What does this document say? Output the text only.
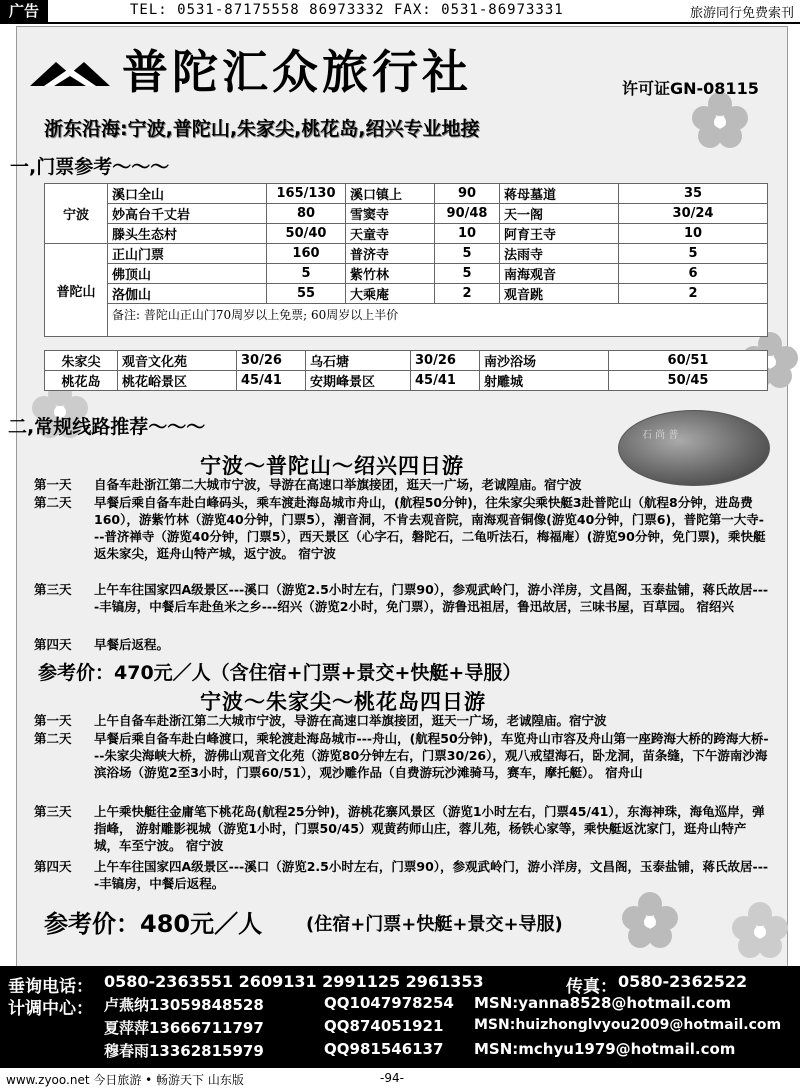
广告	TEL: 0531-87175558 86973332 FAX: 0531-86973331	旅游同行免费索刊
普陀汇众旅行社	许可证GN-08115
浙东沿海:宁波,普陀山,朱家尖,桃花岛,绍兴专业地接
一,门票参考～～～
宁波	溪口全山	165/130	溪口镇上	90	蒋母墓道	35
	妙高台千丈岩	80	雪窦寺	90/48	天一阁	30/24
	滕头生态村	50/40	天童寺	10	阿育王寺	10
普陀山	正山门票	160	普济寺	5	法雨寺	5
	佛顶山	5	紫竹林	5	南海观音	6
	洛伽山	55	大乘庵	2	观音跳	2
	备注: 普陀山正山门70周岁以上免票; 60周岁以上半价					
朱家尖	观音文化苑	30/26	乌石塘	30/26	南沙浴场	60/51
桃花岛	桃花峪景区	45/41	安期峰景区	45/41	射雕城	50/45
二,常规线路推荐～～～	石 尚 普
宁波～普陀山～绍兴四日游
第一天 自备车赴浙江第二大城市宁波，导游在高速口举旗接团，逛天一广场，老诚隍庙。宿宁波
第二天 早餐后乘自备车赴白峰码头，乘车渡赴海岛城市舟山，(航程50分钟)，往朱家尖乘快艇3赴普陀山（航程8分钟，进岛费160），游紫竹林（游览40分钟，门票5），潮音洞，不肯去观音院，南海观音铜像(游览40分钟，门票6)，普陀第一大寺---普济禅寺（游览40分钟，门票5），西天景区（心字石，磐陀石，二龟听法石，梅福庵）(游览90分钟，免门票)，乘快艇返朱家尖，逛舟山特产城，返宁波。 宿宁波
第三天 上午车往国家四A级景区---溪口（游览2.5小时左右，门票90），参观武岭门，游小洋房，文昌阁，玉泰盐铺，蒋氏故居----丰镐房，中餐后车赴鱼米之乡---绍兴（游览2小时，免门票），游鲁迅祖居，鲁迅故居，三味书屋，百草园。 宿绍兴
第四天 早餐后返程。
参考价：470元／人（含住宿+门票+景交+快艇+导服）
宁波～朱家尖～桃花岛四日游
第一天 上午自备车赴浙江第二大城市宁波，导游在高速口举旗接团，逛天一广场，老诚隍庙。宿宁波
第二天 早餐后乘自备车赴白峰渡口，乘轮渡赴海岛城市---舟山，(航程50分钟)，车览舟山市容及舟山第一座跨海大桥的跨海大桥---朱家尖海峡大桥，游佛山观音文化苑（游览80分钟左右，门票30/26），观八戒望海石，卧龙洞，苗条缝，下午游南沙海滨浴场（游览2至3小时，门票60/51），观沙雕作品（自费游玩沙滩骑马，赛车，摩托艇）。 宿舟山
第三天 上午乘快艇往金庸笔下桃花岛(航程25分钟)，游桃花寨风景区（游览1小时左右，门票45/41），东海神珠，海龟巡岸，弹指峰， 游射雕影视城（游览1小时，门票50/45）观黄药师山庄，蓉儿苑，杨铁心家等，乘快艇返沈家门，逛舟山特产城，车至宁波。 宿宁波
第四天 上午车往国家四A级景区---溪口（游览2.5小时左右，门票90），参观武岭门，游小洋房，文昌阁，玉泰盐铺，蒋氏故居----丰镐房，中餐后返程。
参考价：480元／人 (住宿+门票+快艇+景交+导服)
垂询电话： 0580-2363551 2609131 2991125 2961353	传真： 0580-2362522
计调中心： 卢燕纳13059848528	QQ1047978254 MSN:yanna8528@hotmail.com
夏萍萍13666711797	QQ874051921 MSN:huizhonglvyou2009@hotmail.com
穆春雨13362815979	QQ981546137 MSN:mchyu1979@hotmail.com
www.zyoo.net 今日旅游 • 畅游天下 山东版	-94-
